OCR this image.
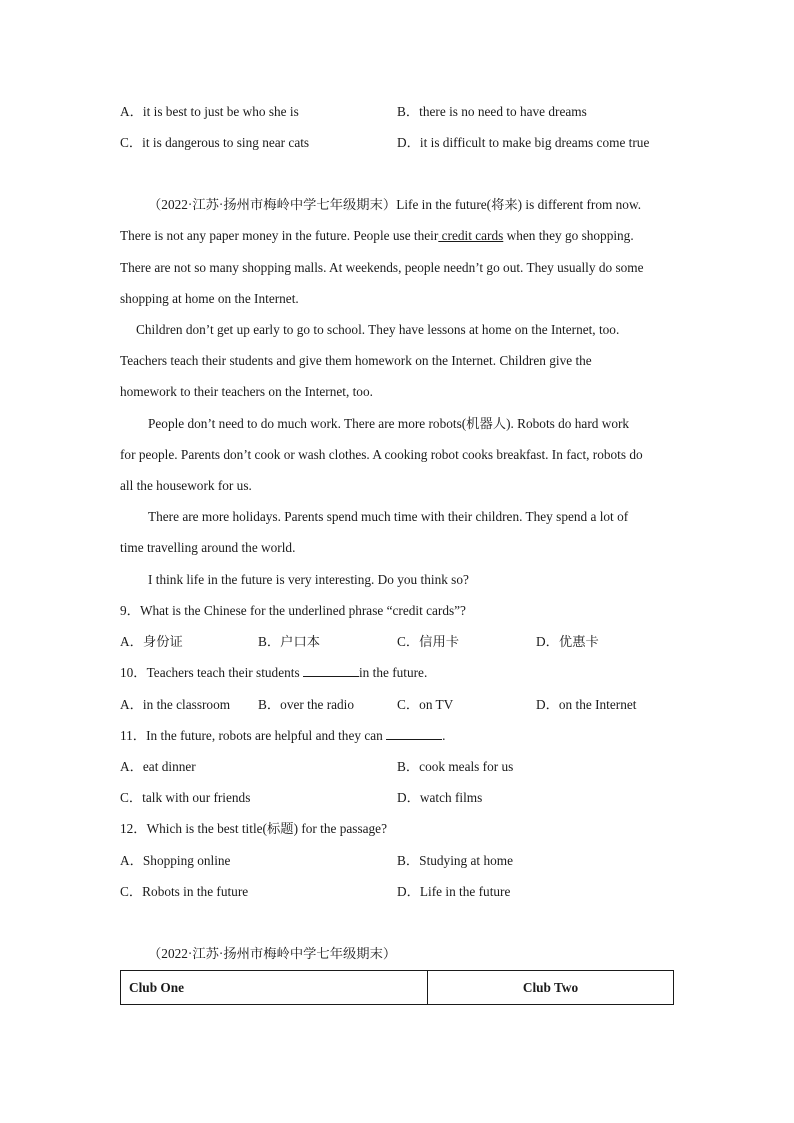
A．it is best to just be who she is	B．there is no need to have dreams
C．it is dangerous to sing near cats	D．it is difficult to make big dreams come true
（2022·江苏·扬州市梅岭中学七年级期末）Life in the future(将来) is different from now.
There is not any paper money in the future. People use their credit cards when they go shopping.
There are not so many shopping malls. At weekends, people needn’t go out. They usually do some
shopping at home on the Internet.
Children don’t get up early to go to school. They have lessons at home on the Internet, too.
Teachers teach their students and give them homework on the Internet. Children give the
homework to their teachers on the Internet, too.
People don’t need to do much work. There are more robots(机器人). Robots do hard work
for people. Parents don’t cook or wash clothes. A cooking robot cooks breakfast. In fact, robots do
all the housework for us.
There are more holidays. Parents spend much time with their children. They spend a lot of
time travelling around the world.
I think life in the future is very interesting. Do you think so?
9．What is the Chinese for the underlined phrase “credit cards”?
A．身份证	B．户口本	C．信用卡	D．优惠卡
10．Teachers teach their students	in the future.
A．in the classroom B．over the radio	C．on TV	D．on the Internet
11．In the future, robots are helpful and they can	.
A．eat dinner	B．cook meals for us
C．talk with our friends	D．watch films
12．Which is the best title(标题) for the passage?
A．Shopping online	B．Studying at home
C．Robots in the future	D．Life in the future
（2022·江苏·扬州市梅岭中学七年级期末）
Club One	Club Two
